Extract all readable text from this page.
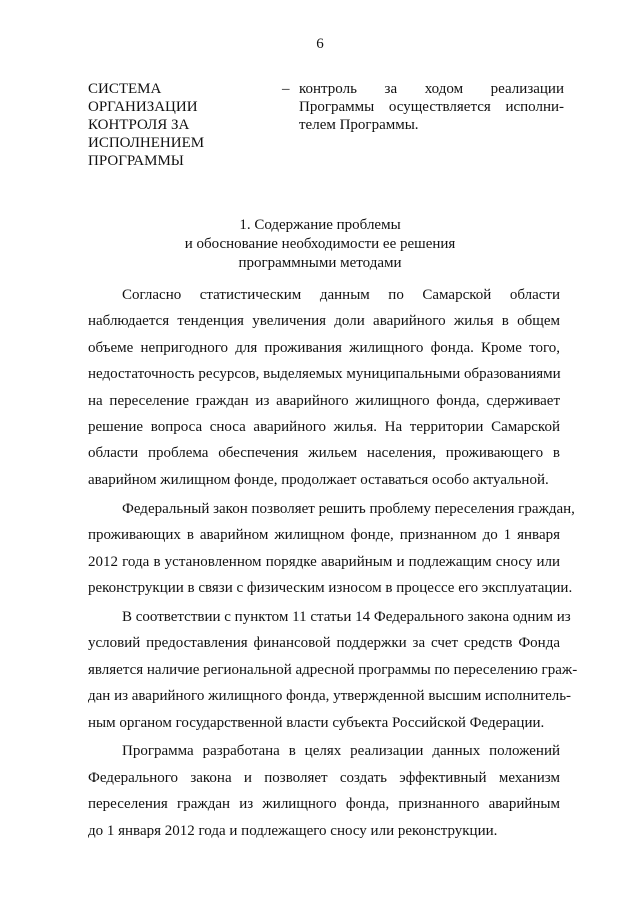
6
СИСТЕМА
ОРГАНИЗАЦИИ
КОНТРОЛЯ ЗА
ИСПОЛНЕНИЕМ
ПРОГРАММЫ
– контроль за ходом реализации
Программы осуществляется исполни-
телем Программы.
1. Содержание проблемы
и обоснование необходимости ее решения
программными методами
Согласно статистическим данным по Самарской области
наблюдается тенденция увеличения доли аварийного жилья в общем
объеме непригодного для проживания жилищного фонда. Кроме того,
недостаточность ресурсов, выделяемых муниципальными образованиями
на переселение граждан из аварийного жилищного фонда, сдерживает
решение вопроса сноса аварийного жилья. На территории Самарской
области проблема обеспечения жильем населения, проживающего в
аварийном жилищном фонде, продолжает оставаться особо актуальной.
Федеральный закон позволяет решить проблему переселения граждан,
проживающих в аварийном жилищном фонде, признанном до 1 января
2012 года в установленном порядке аварийным и подлежащим сносу или
реконструкции в связи с физическим износом в процессе его эксплуатации.
В соответствии с пунктом 11 статьи 14 Федерального закона одним из
условий предоставления финансовой поддержки за счет средств Фонда
является наличие региональной адресной программы по переселению граж-
дан из аварийного жилищного фонда, утвержденной высшим исполнитель-
ным органом государственной власти субъекта Российской Федерации.
Программа разработана в целях реализации данных положений
Федерального закона и позволяет создать эффективный механизм
переселения граждан из жилищного фонда, признанного аварийным
до 1 января 2012 года и подлежащего сносу или реконструкции.
